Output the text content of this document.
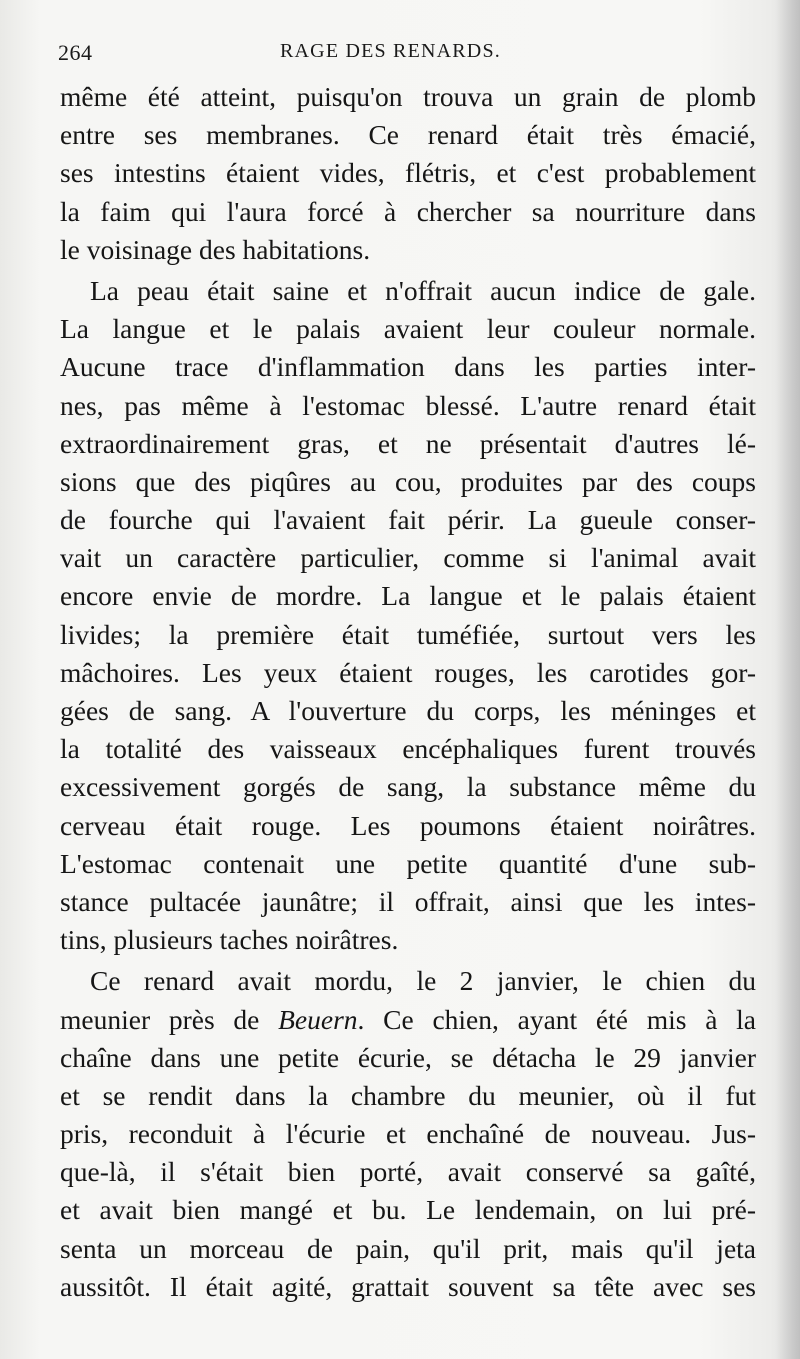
264	RAGE DES RENARDS.
même été atteint, puisqu'on trouva un grain de plomb
entre ses membranes. Ce renard était très émacié,
ses intestins étaient vides, flétris, et c'est probablement
la faim qui l'aura forcé à chercher sa nourriture dans
le voisinage des habitations.
La peau était saine et n'offrait aucun indice de gale.
La langue et le palais avaient leur couleur normale.
Aucune trace d'inflammation dans les parties inter-
nes, pas même à l'estomac blessé. L'autre renard était
extraordinairement gras, et ne présentait d'autres lé-
sions que des piqûres au cou, produites par des coups
de fourche qui l'avaient fait périr. La gueule conser-
vait un caractère particulier, comme si l'animal avait
encore envie de mordre. La langue et le palais étaient
livides; la première était tuméfiée, surtout vers les
mâchoires. Les yeux étaient rouges, les carotides gor-
gées de sang. A l'ouverture du corps, les méninges et
la totalité des vaisseaux encéphaliques furent trouvés
excessivement gorgés de sang, la substance même du
cerveau était rouge. Les poumons étaient noirâtres.
L'estomac contenait une petite quantité d'une sub-
stance pultacée jaunâtre; il offrait, ainsi que les intes-
tins, plusieurs taches noirâtres.
Ce renard avait mordu, le 2 janvier, le chien du
meunier près de Beuern. Ce chien, ayant été mis à la
chaîne dans une petite écurie, se détacha le 29 janvier
et se rendit dans la chambre du meunier, où il fut
pris, reconduit à l'écurie et enchaîné de nouveau. Jus-
que-là, il s'était bien porté, avait conservé sa gaîté,
et avait bien mangé et bu. Le lendemain, on lui pré-
senta un morceau de pain, qu'il prit, mais qu'il jeta
aussitôt. Il était agité, grattait souvent sa tête avec ses
